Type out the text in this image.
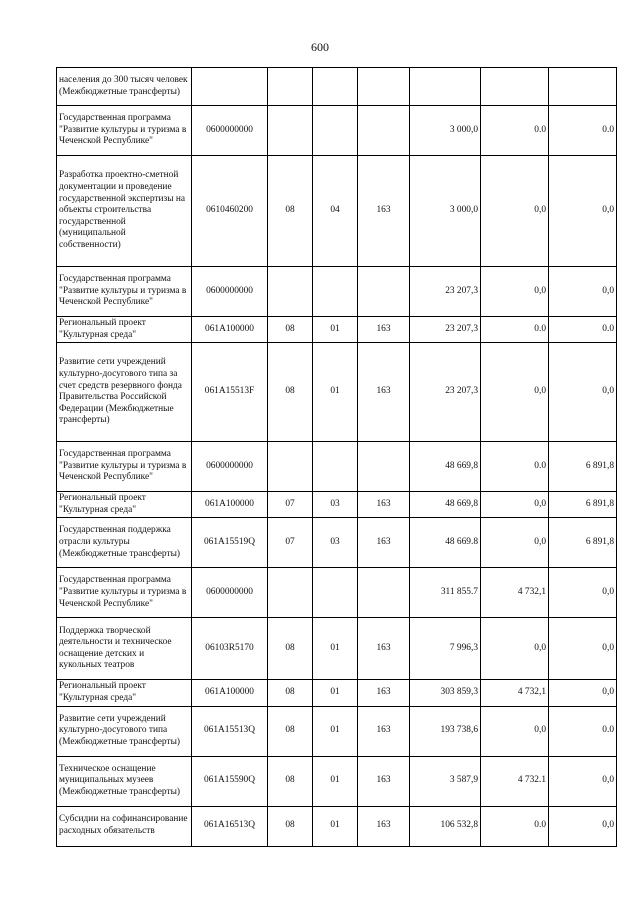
600
населения до 300 тысяч человек (Межбюджетные трансферты)							
Государственная программа "Развитие культуры и туризма в Чеченской Республике"	0600000000				3 000,0	0.0	0.0
Разработка проектно-сметной документации и проведение государственной экспертизы на объекты строительства государственной (муниципальной собственности)	0610460200	08	04	163	3 000,0	0,0	0,0
Государственная программа "Развитие культуры и туризма в Чеченской Республике"	0600000000				23 207,3	0,0	0,0
Региональный проект "Культурная среда"	061A100000	08	01	163	23 207,3	0.0	0.0
Развитие сети учреждений культурно-досугового типа за счет средств резервного фонда Правительства Российской Федерации (Межбюджетные трансферты)	061A15513F	08	01	163	23 207,3	0,0	0,0
Государственная программа "Развитие культуры и туризма в Чеченской Республике"	0600000000				48 669,8	0.0	6 891,8
Региональный проект "Культурная среда"	061A100000	07	03	163	48 669,8	0,0	6 891,8
Государственная поддержка отрасли культуры (Межбюджетные трансферты)	061A15519Q	07	03	163	48 669.8	0,0	6 891,8
Государственная программа "Развитие культуры и туризма в Чеченской Республике"	0600000000				311 855.7	4 732,1	0,0
Поддержка творческой деятельности и техническое оснащение детских и кукольных театров	06103R5170	08	01	163	7 996,3	0,0	0,0
Региональный проект "Культурная среда"	061A100000	08	01	163	303 859,3	4 732,1	0,0
Развитие сети учреждений культурно-досугового типа (Межбюджетные трансферты)	061A15513Q	08	01	163	193 738,6	0,0	0.0
Техническое оснащение муниципальных музеев (Межбюджетные трансферты)	061A15590Q	08	01	163	3 587,9	4 732.1	0,0
Субсидии на софинансирование расходных обязательств	061A16513Q	08	01	163	106 532,8	0.0	0,0
